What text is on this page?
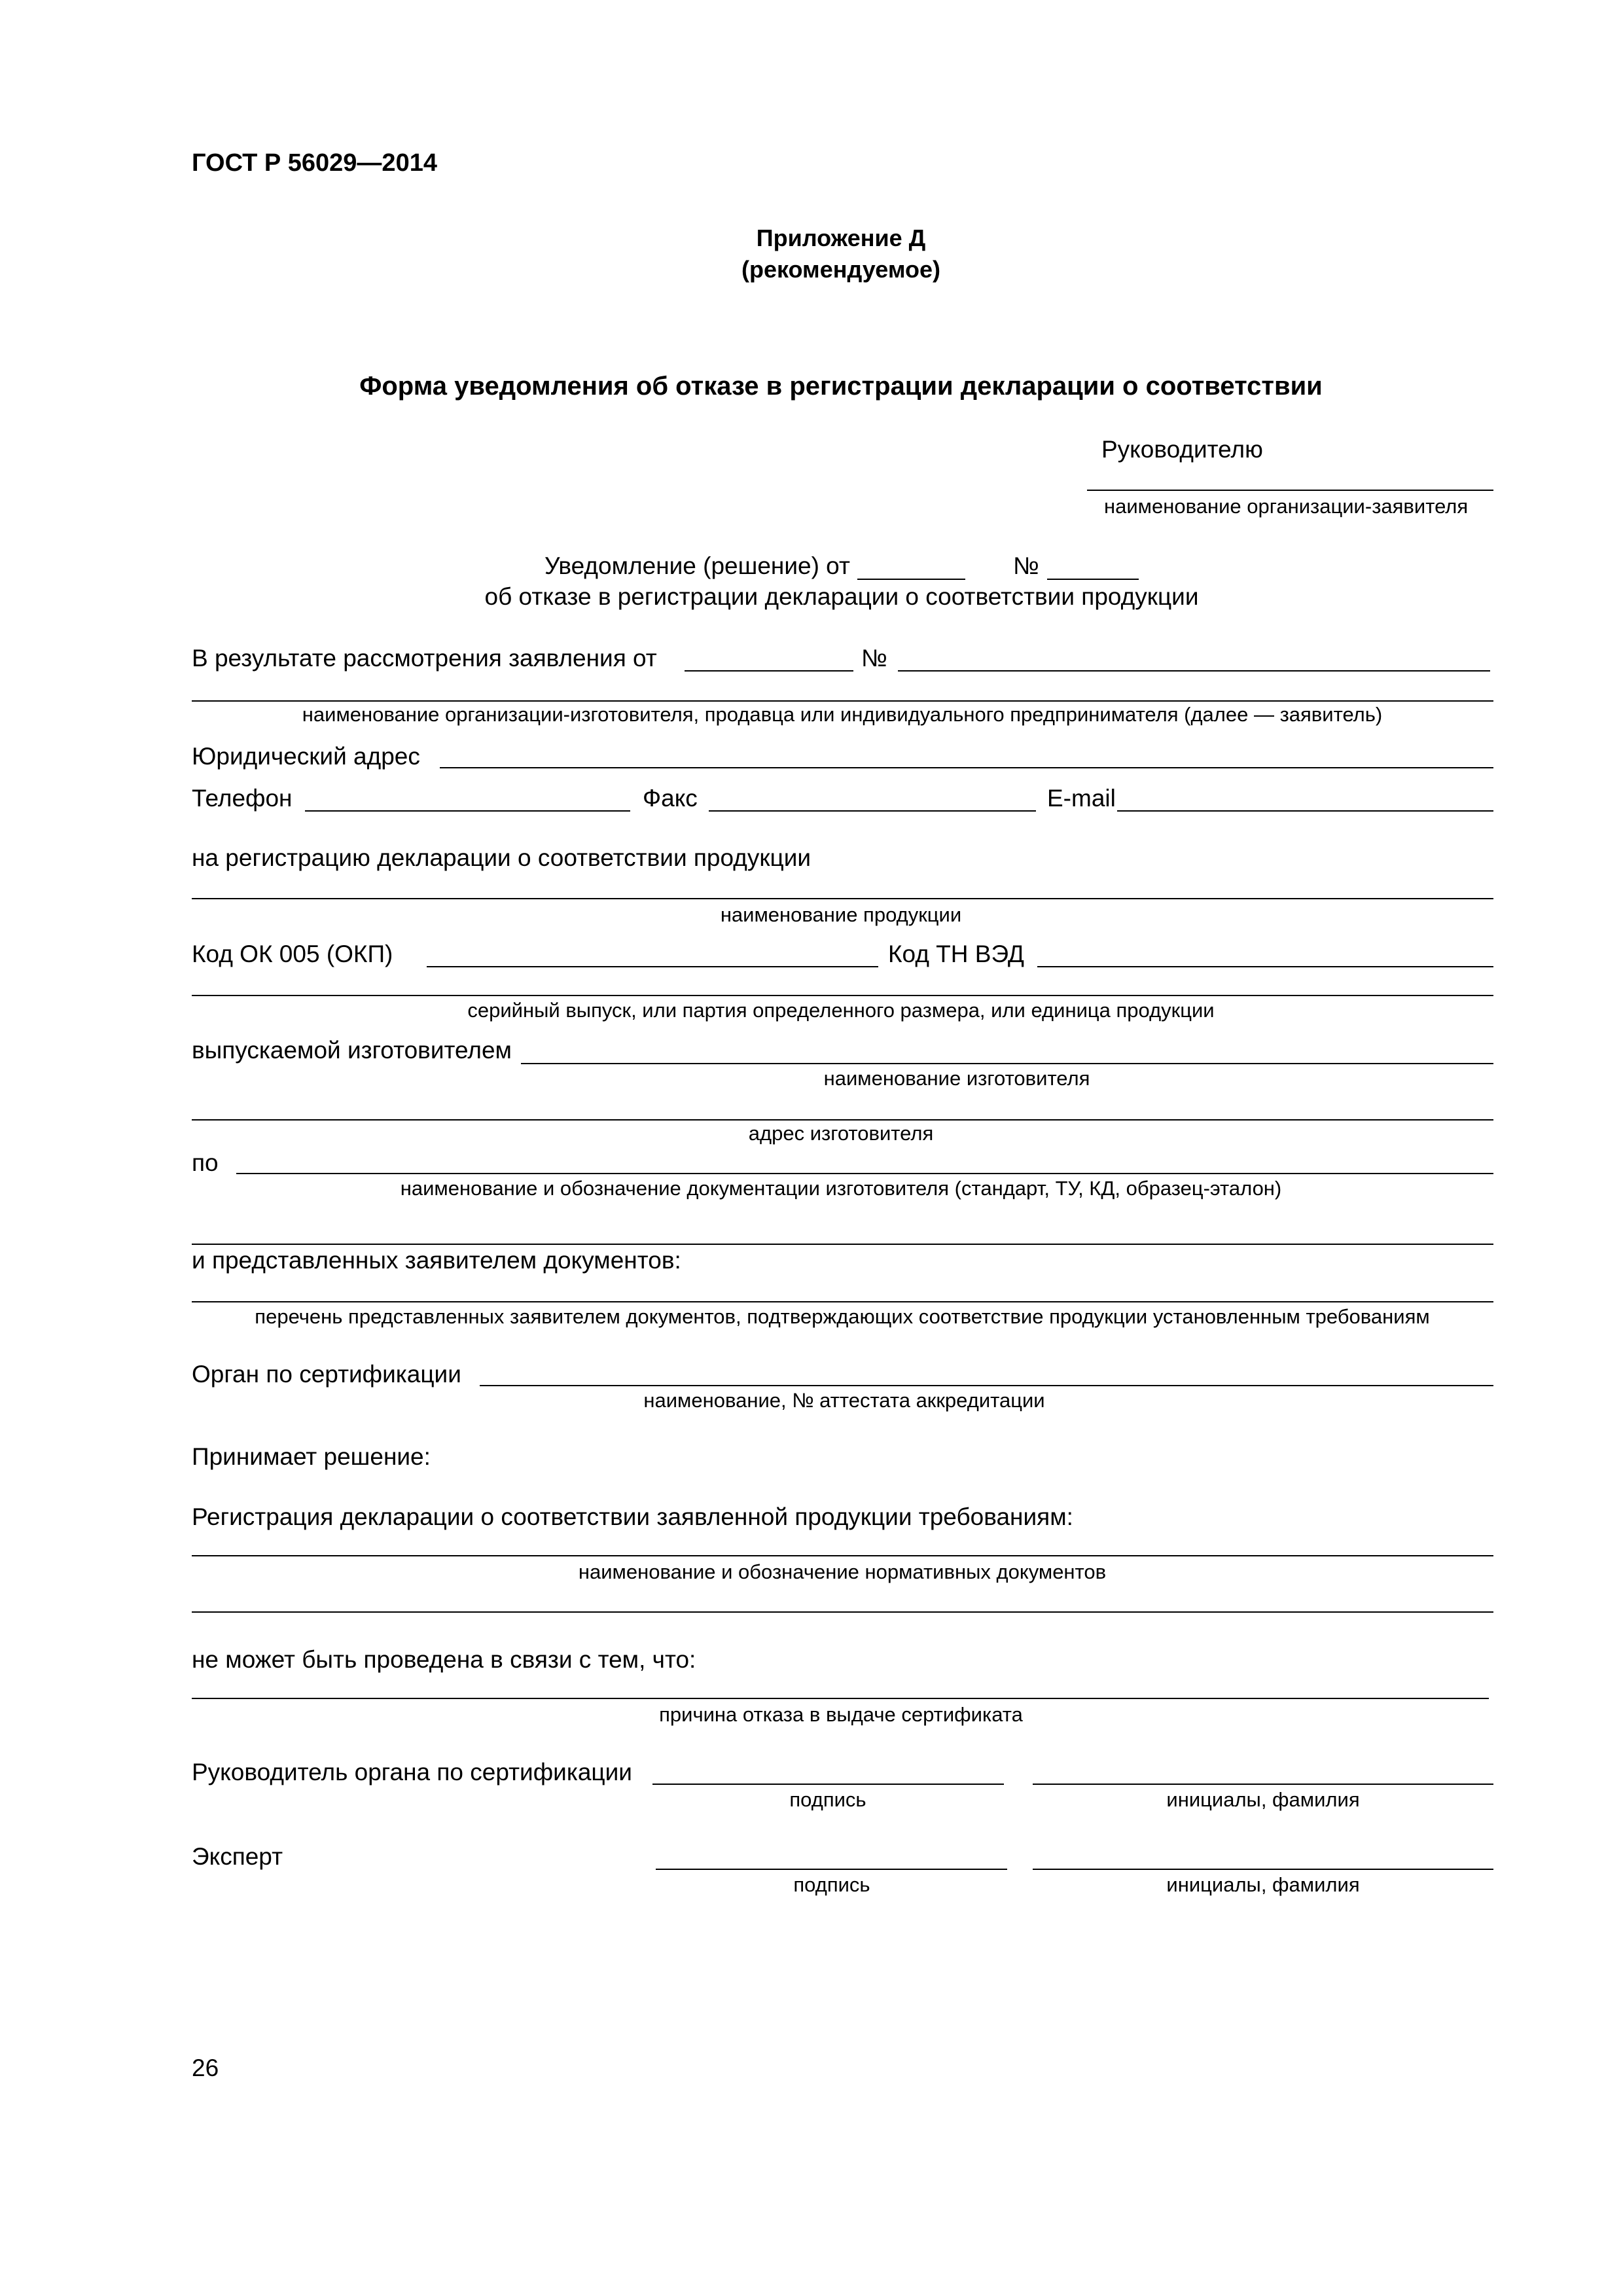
ГОСТ Р 56029—2014
Приложение Д
(рекомендуемое)
Форма уведомления об отказе в регистрации декларации о соответствии
Руководителю
наименование организации-заявителя
Уведомление (решение) от	№
об отказе в регистрации декларации о соответствии продукции
В результате рассмотрения заявления от	№
наименование организации-изготовителя, продавца или индивидуального предпринимателя (далее — заявитель)
Юридический адрес
Телефон	Факс	E-mail
на регистрацию декларации о соответствии продукции
наименование продукции
Код ОК 005 (ОКП)	Код ТН ВЭД
серийный выпуск, или партия определенного размера, или единица продукции
выпускаемой изготовителем
наименование изготовителя
адрес изготовителя
по
наименование и обозначение документации изготовителя (стандарт, ТУ, КД, образец-эталон)
и представленных заявителем документов:
перечень представленных заявителем документов, подтверждающих соответствие продукции установленным требованиям
Орган по сертификации
наименование, № аттестата аккредитации
Принимает решение:
Регистрация декларации о соответствии заявленной продукции требованиям:
наименование и обозначение нормативных документов
не может быть проведена в связи с тем, что:
причина отказа в выдаче сертификата
Руководитель органа по сертификации
подпись	инициалы, фамилия
Эксперт
подпись	инициалы, фамилия
26
